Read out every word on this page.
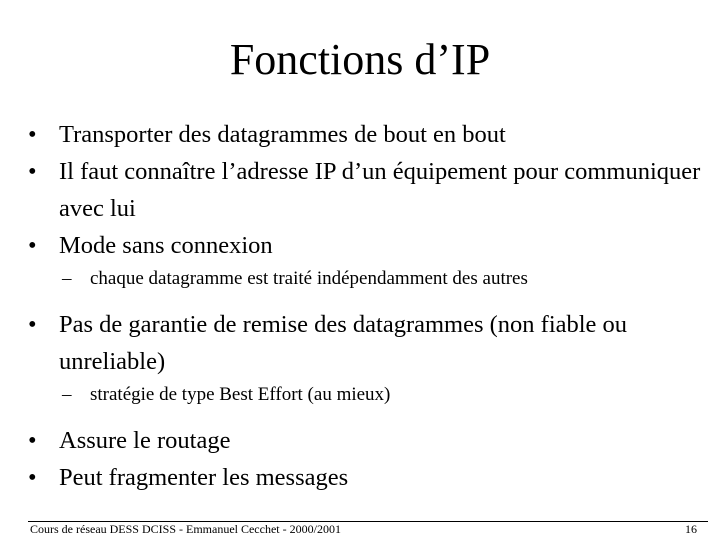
Fonctions d’IP
• Transporter des datagrammes de bout en bout
• Il faut connaître l’adresse IP d’un équipement pour communiquer avec lui
• Mode sans connexion
– chaque datagramme est traité indépendamment des autres
• Pas de garantie de remise des datagrammes (non fiable ou unreliable)
– stratégie de type Best Effort (au mieux)
• Assure le routage
• Peut fragmenter les messages
Cours de réseau DESS DCISS - Emmanuel Cecchet - 2000/2001	16
